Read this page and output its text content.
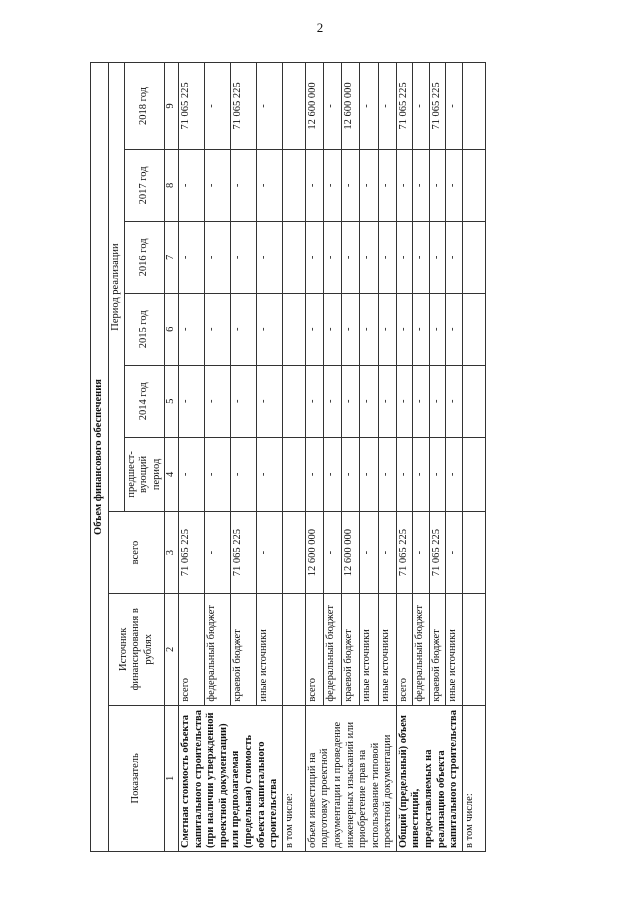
2
Объем финансового обеспечения								
Показатель	Источник финансирования в рублях	всего	Период реализации					
			предшест-вующий период	2014 год	2015 год	2016 год	2017 год	2018 год
1	2	3	4	5	6	7	8	9
Сметная стоимость объекта капитального строительства (при наличии утвержденной проектной документации) или предполагаемая (предельная) стоимость объекта капитального строительства	всего	71 065 225	-	-	-	-	-	71 065 225
	федеральный бюджет	-	-	-	-	-	-	-
	краевой бюджет	71 065 225	-	-	-	-	-	71 065 225
	иные источники	-	-	-	-	-	-	-
в том числе:								
объем инвестиций на подготовку проектной документации и проведение инженерных изысканий или приобретение прав на использование типовой проектной документации	всего	12 600 000	-	-	-	-	-	12 600 000
	федеральный бюджет	-	-	-	-	-	-	-
	краевой бюджет	12 600 000	-	-	-	-	-	12 600 000
	иные источники	-	-	-	-	-	-	-
	иные источники	-	-	-	-	-	-	-
Общий (предельный) объем инвестиций, предоставляемых на реализацию объекта капитального строительства	всего	71 065 225	-	-	-	-	-	71 065 225
	федеральный бюджет	-	-	-	-	-	-	-
	краевой бюджет	71 065 225	-	-	-	-	-	71 065 225
	иные источники	-	-	-	-	-	-	-
в том числе:								
